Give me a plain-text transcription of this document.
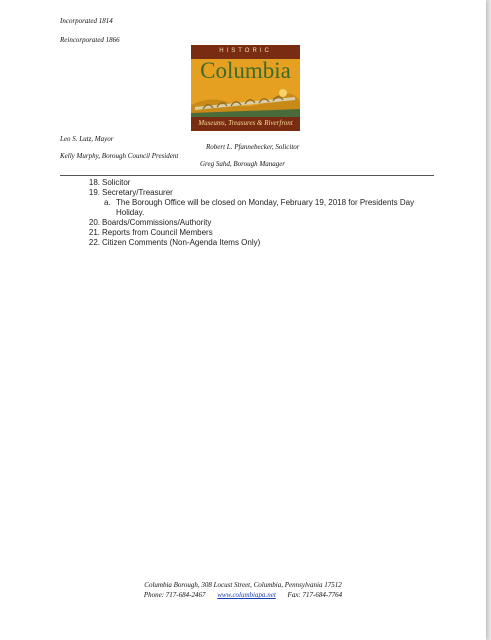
Incorporated 1814
Reincorporated 1866
HISTORIC
Columbia
Museums, Treasures & Riverfront
Leo S. Lutz, Mayor
Robert L. Pfannebecker, Solicitor
Kelly Murphy, Borough Council President
Greg Sahd, Borough Manager
18. Solicitor
19. Secretary/Treasurer
a. The Borough Office will be closed on Monday, February 19, 2018 for Presidents Day Holiday.
20. Boards/Commissions/Authority
21. Reports from Council Members
22. Citizen Comments (Non-Agenda Items Only)
Columbia Borough, 308 Locust Street, Columbia, Pennsylvania 17512
Phone: 717-684-2467 www.columbiapa.net Fax: 717-684-7764
